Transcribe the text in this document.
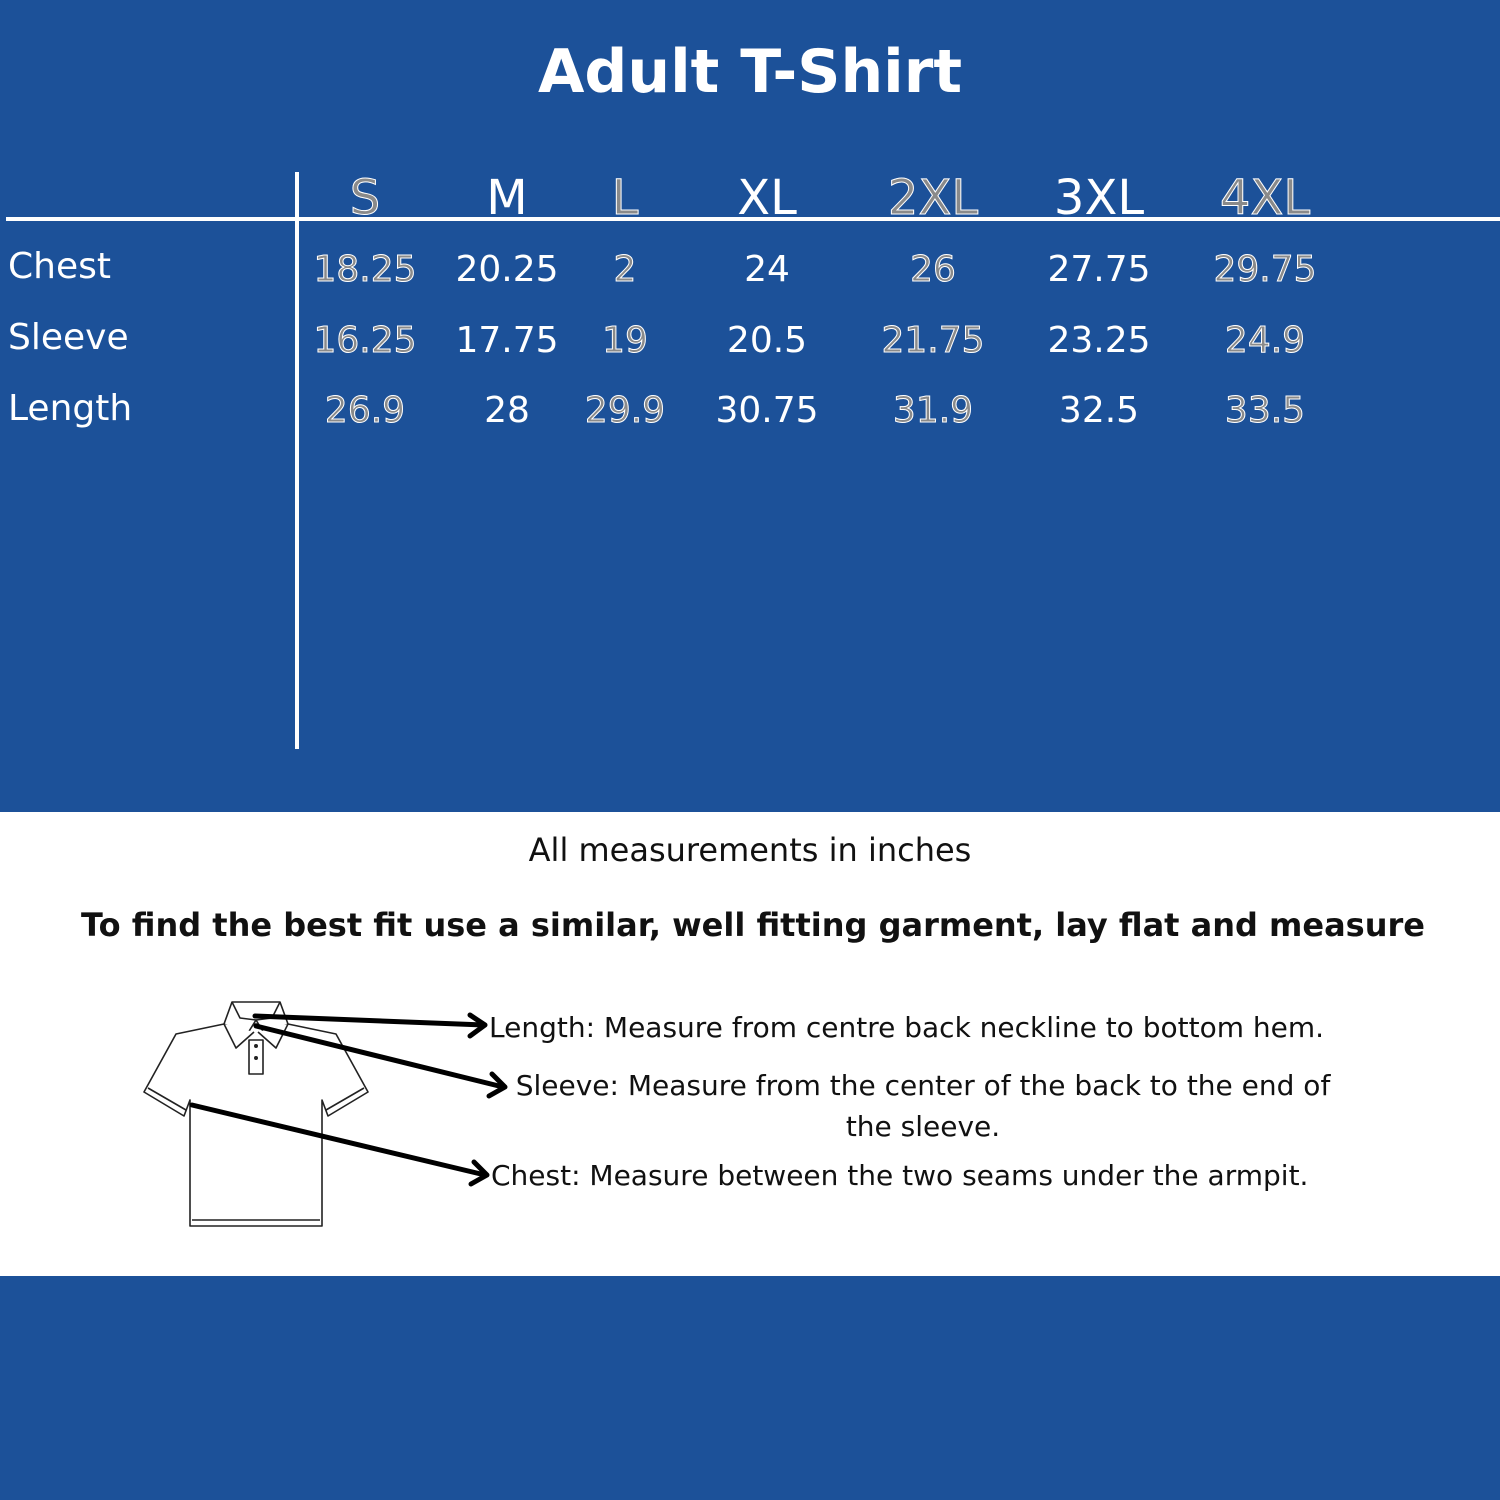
Adult T-Shirt
S M L XL 2XL 3XL 4XL
Chest	18.25 20.25 2	24	26	27.75 29.75
Sleeve	16.25 17.75 19 20.5 21.75 23.25 24.9
Length	26.9 28 29.9 30.75 31.9 32.5 33.5
All measurements in inches
To find the best fit use a similar, well fitting garment, lay flat and measure
Length: Measure from centre back neckline to bottom hem.
Sleeve: Measure from the center of the back to the end of the sleeve.
Chest: Measure between the two seams under the armpit.
